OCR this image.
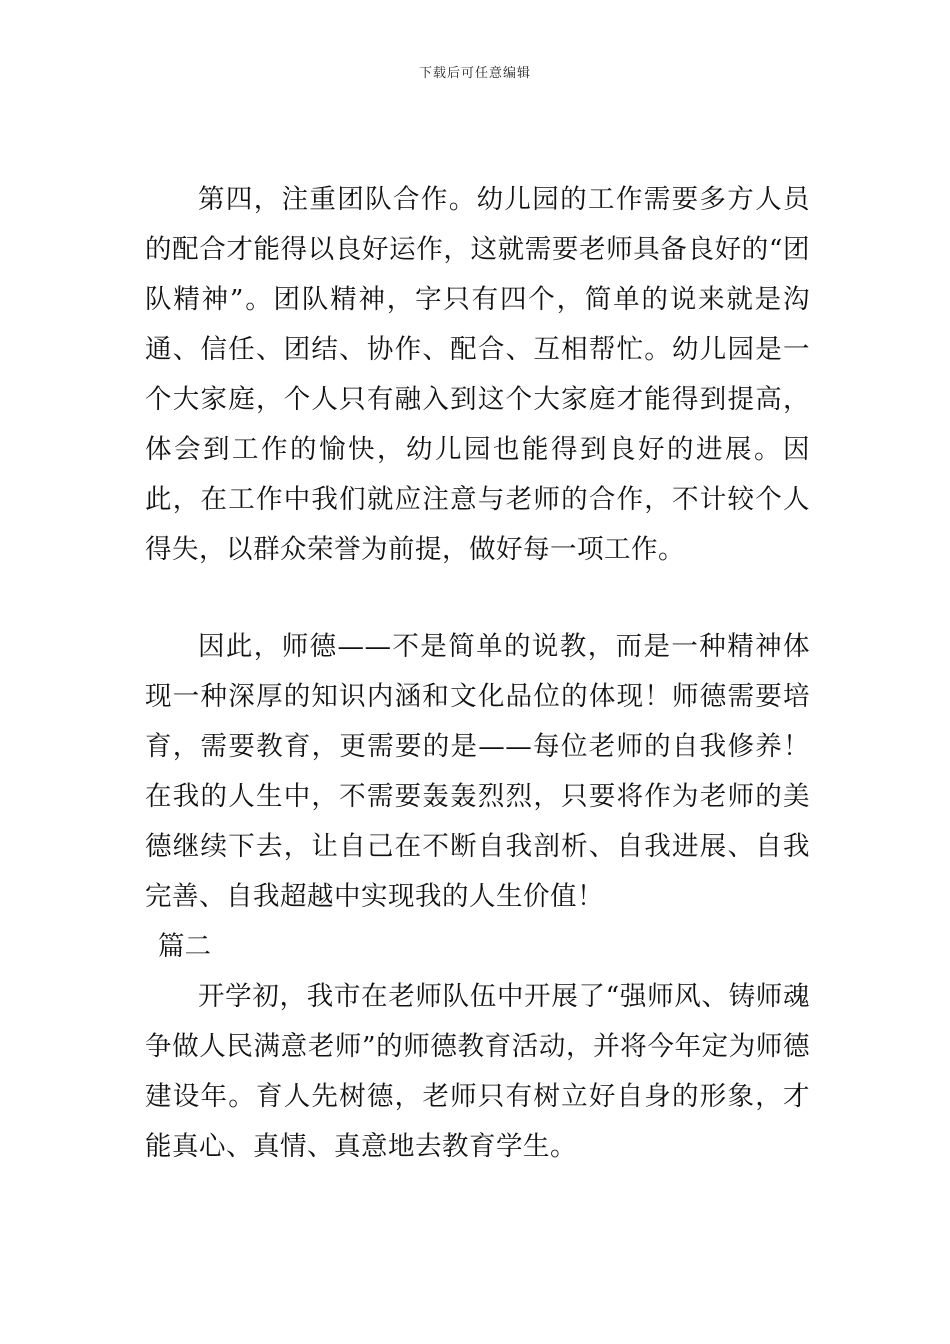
下载后可任意编辑

第四，注重团队合作。幼儿园的工作需要多方人员的配合才能得以良好运作，这就需要老师具备良好的“团队精神”。团队精神，字只有四个，简单的说来就是沟通、信任、团结、协作、配合、互相帮忙。幼儿园是一个大家庭，个人只有融入到这个大家庭才能得到提高，体会到工作的愉快，幼儿园也能得到良好的进展。因此，在工作中我们就应注意与老师的合作，不计较个人得失，以群众荣誉为前提，做好每一项工作。

因此，师德——不是简单的说教，而是一种精神体现一种深厚的知识内涵和文化品位的体现！师德需要培育，需要教育，更需要的是——每位老师的自我修养！在我的人生中，不需要轰轰烈烈，只要将作为老师的美德继续下去，让自己在不断自我剖析、自我进展、自我完善、自我超越中实现我的人生价值！

篇二

开学初，我市在老师队伍中开展了“强师风、铸师魂争做人民满意老师”的师德教育活动，并将今年定为师德建设年。育人先树德，老师只有树立好自身的形象，才能真心、真情、真意地去教育学生。
